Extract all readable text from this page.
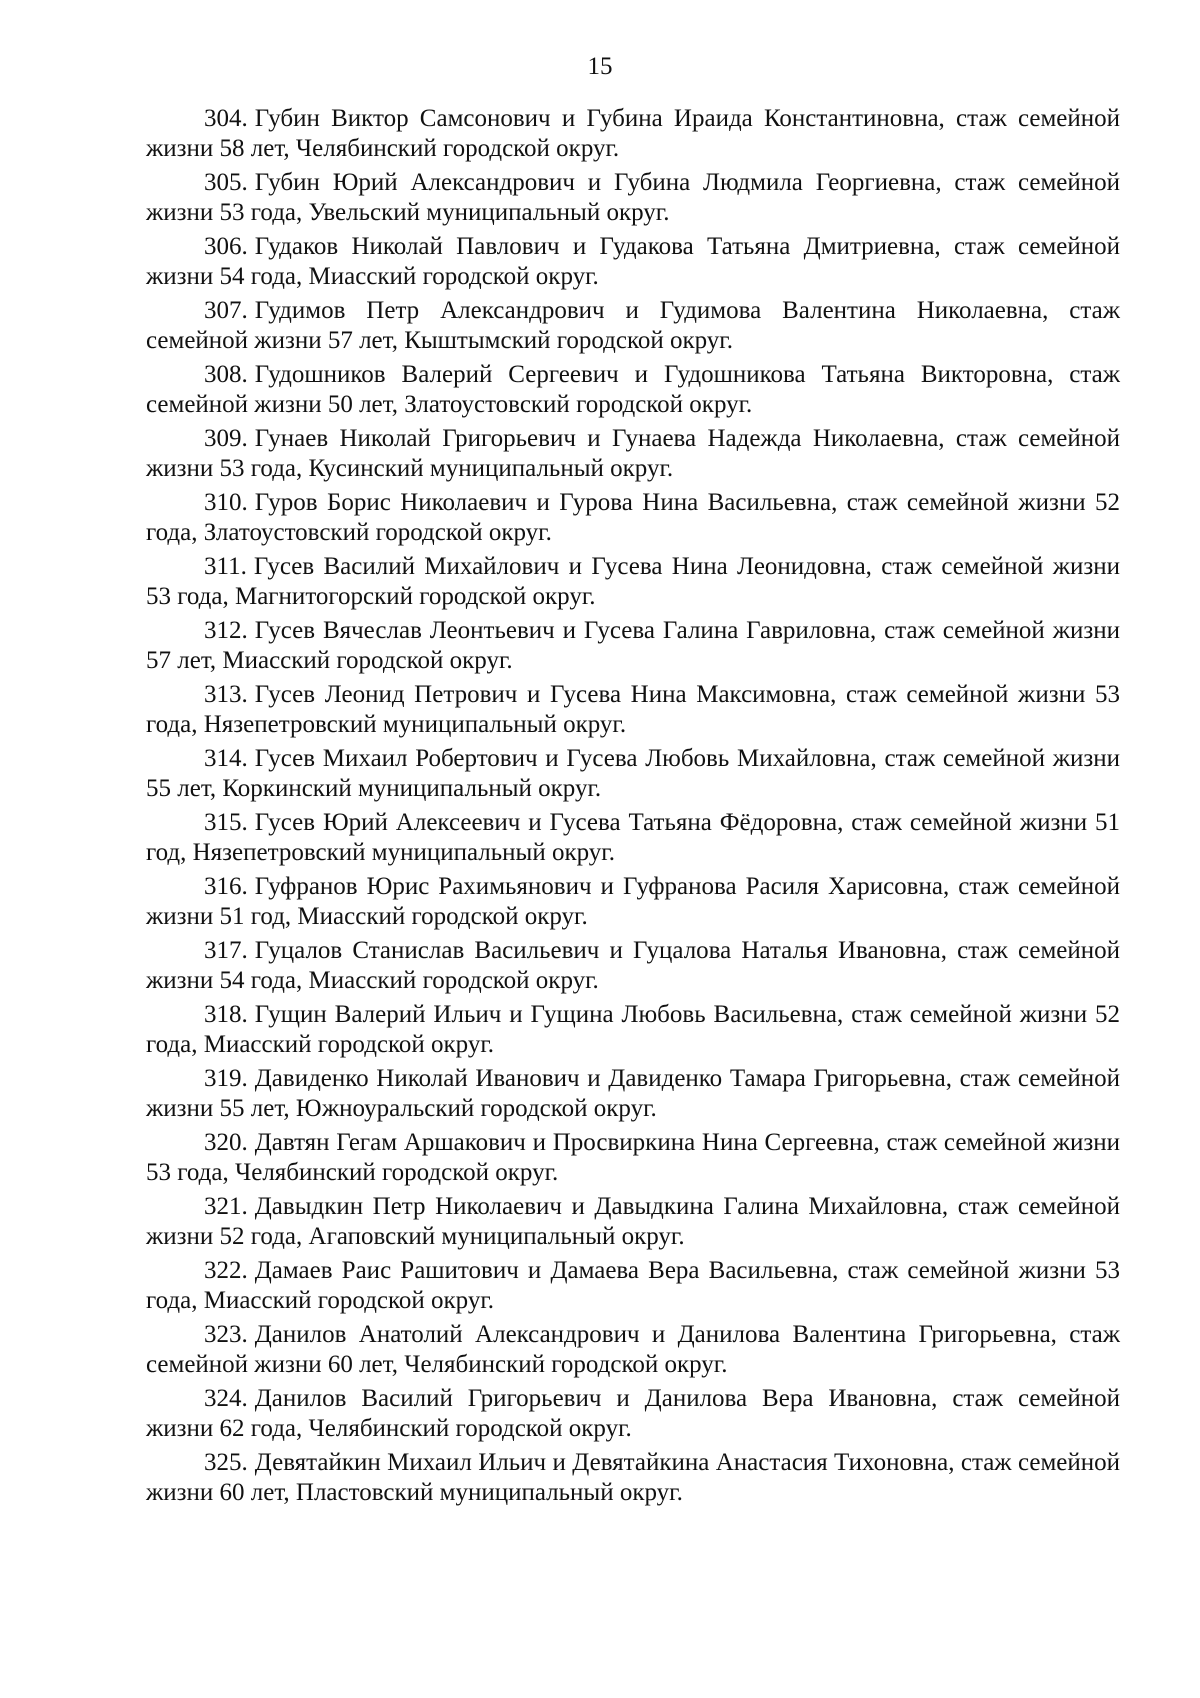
15
304. Губин Виктор Самсонович и Губина Ираида Константиновна, стаж семейной жизни 58 лет, Челябинский городской округ.
305. Губин Юрий Александрович и Губина Людмила Георгиевна, стаж семейной жизни 53 года, Увельский муниципальный округ.
306. Гудаков Николай Павлович и Гудакова Татьяна Дмитриевна, стаж семейной жизни 54 года, Миасский городской округ.
307. Гудимов Петр Александрович и Гудимова Валентина Николаевна, стаж семейной жизни 57 лет, Кыштымский городской округ.
308. Гудошников Валерий Сергеевич и Гудошникова Татьяна Викторовна, стаж семейной жизни 50 лет, Златоустовский городской округ.
309. Гунаев Николай Григорьевич и Гунаева Надежда Николаевна, стаж семейной жизни 53 года, Кусинский муниципальный округ.
310. Гуров Борис Николаевич и Гурова Нина Васильевна, стаж семейной жизни 52 года, Златоустовский городской округ.
311. Гусев Василий Михайлович и Гусева Нина Леонидовна, стаж семейной жизни 53 года, Магнитогорский городской округ.
312. Гусев Вячеслав Леонтьевич и Гусева Галина Гавриловна, стаж семейной жизни 57 лет, Миасский городской округ.
313. Гусев Леонид Петрович и Гусева Нина Максимовна, стаж семейной жизни 53 года, Нязепетровский муниципальный округ.
314. Гусев Михаил Робертович и Гусева Любовь Михайловна, стаж семейной жизни 55 лет, Коркинский муниципальный округ.
315. Гусев Юрий Алексеевич и Гусева Татьяна Фёдоровна, стаж семейной жизни 51 год, Нязепетровский муниципальный округ.
316. Гуфранов Юрис Рахимьянович и Гуфранова Расиля Харисовна, стаж семейной жизни 51 год, Миасский городской округ.
317. Гуцалов Станислав Васильевич и Гуцалова Наталья Ивановна, стаж семейной жизни 54 года, Миасский городской округ.
318. Гущин Валерий Ильич и Гущина Любовь Васильевна, стаж семейной жизни 52 года, Миасский городской округ.
319. Давиденко Николай Иванович и Давиденко Тамара Григорьевна, стаж семейной жизни 55 лет, Южноуральский городской округ.
320. Давтян Гегам Аршакович и Просвиркина Нина Сергеевна, стаж семейной жизни 53 года, Челябинский городской округ.
321. Давыдкин Петр Николаевич и Давыдкина Галина Михайловна, стаж семейной жизни 52 года, Агаповский муниципальный округ.
322. Дамаев Раис Рашитович и Дамаева Вера Васильевна, стаж семейной жизни 53 года, Миасский городской округ.
323. Данилов Анатолий Александрович и Данилова Валентина Григорьевна, стаж семейной жизни 60 лет, Челябинский городской округ.
324. Данилов Василий Григорьевич и Данилова Вера Ивановна, стаж семейной жизни 62 года, Челябинский городской округ.
325. Девятайкин Михаил Ильич и Девятайкина Анастасия Тихоновна, стаж семейной жизни 60 лет, Пластовский муниципальный округ.
